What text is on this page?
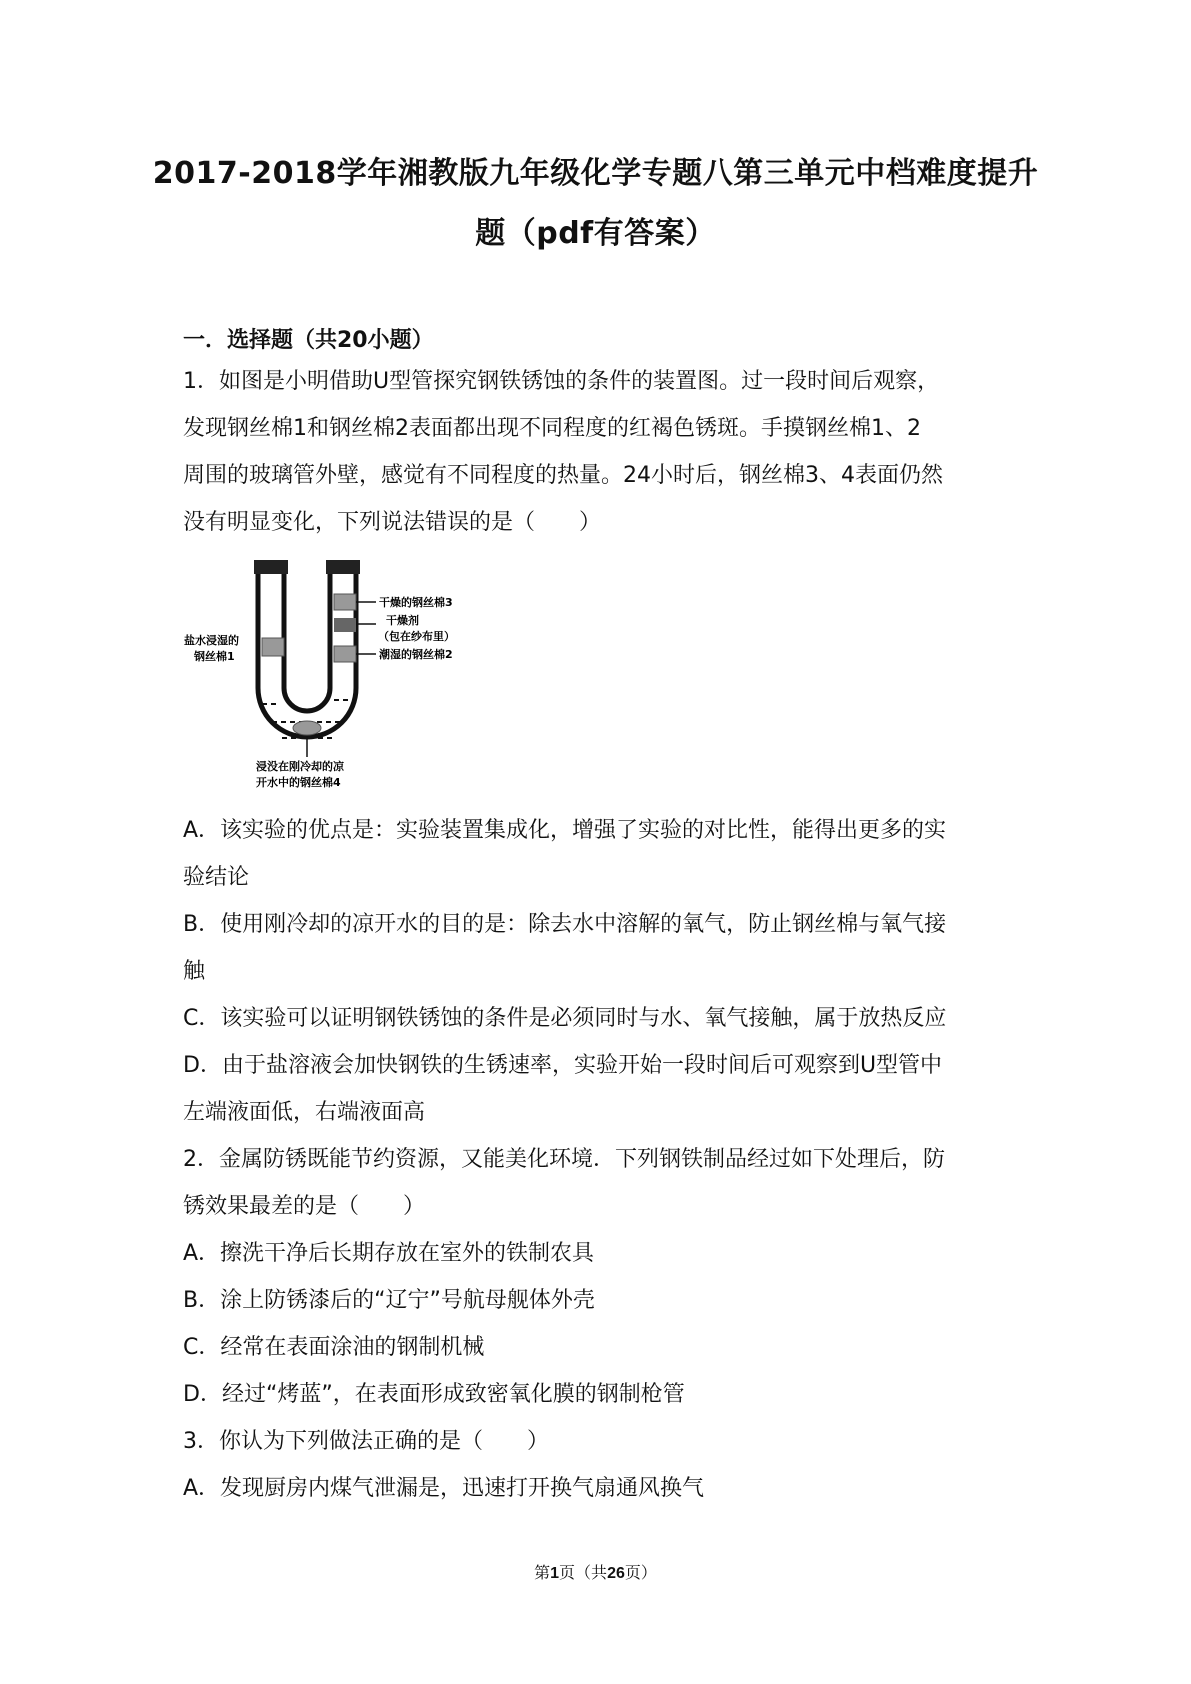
2017-2018学年湘教版九年级化学专题八第三单元中档难度提升
题（pdf有答案）
一．选择题（共20小题）
1．如图是小明借助U型管探究钢铁锈蚀的条件的装置图。过一段时间后观察，
发现钢丝棉1和钢丝棉2表面都出现不同程度的红褐色锈斑。手摸钢丝棉1、2
周围的玻璃管外壁，感觉有不同程度的热量。24小时后，钢丝棉3、4表面仍然
没有明显变化，下列说法错误的是（　　）
干燥的钢丝棉3
干燥剂
（包在纱布里）
潮湿的钢丝棉2
盐水浸湿的
钢丝棉1
浸没在刚冷却的凉
开水中的钢丝棉4
A．该实验的优点是：实验装置集成化，增强了实验的对比性，能得出更多的实
验结论
B．使用刚冷却的凉开水的目的是：除去水中溶解的氧气，防止钢丝棉与氧气接
触
C．该实验可以证明钢铁锈蚀的条件是必须同时与水、氧气接触，属于放热反应
D．由于盐溶液会加快钢铁的生锈速率，实验开始一段时间后可观察到U型管中
左端液面低，右端液面高
2．金属防锈既能节约资源，又能美化环境．下列钢铁制品经过如下处理后，防
锈效果最差的是（　　）
A．擦洗干净后长期存放在室外的铁制农具
B．涂上防锈漆后的“辽宁”号航母舰体外壳
C．经常在表面涂油的钢制机械
D．经过“烤蓝”，在表面形成致密氧化膜的钢制枪管
3．你认为下列做法正确的是（　　）
A．发现厨房内煤气泄漏是，迅速打开换气扇通风换气
第1页（共26页）
